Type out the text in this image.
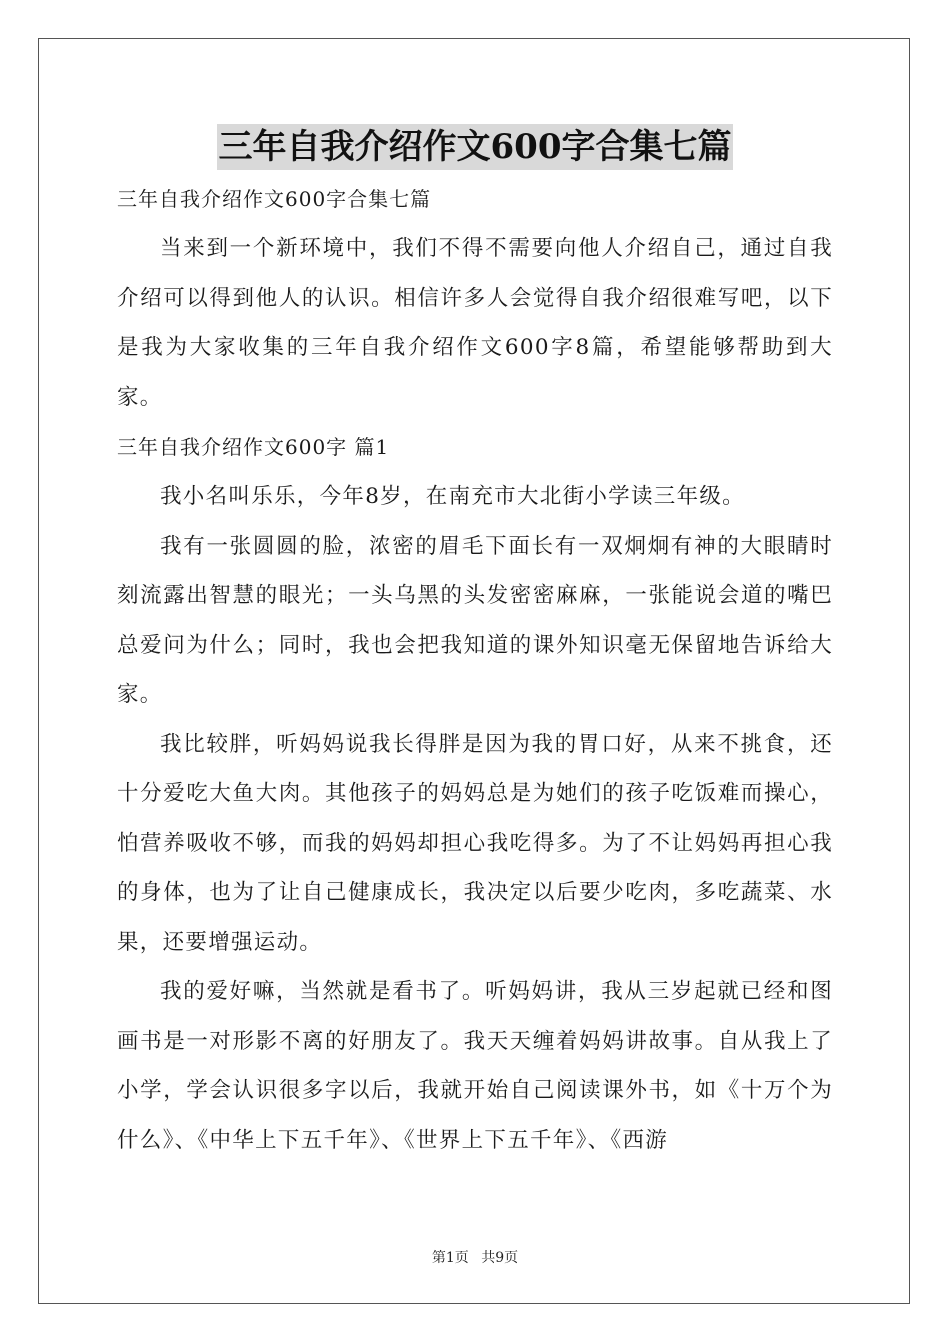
三年自我介绍作文600字合集七篇
三年自我介绍作文600字合集七篇

当来到一个新环境中，我们不得不需要向他人介绍自己，通过自我介绍可以得到他人的认识。相信许多人会觉得自我介绍很难写吧，以下是我为大家收集的三年自我介绍作文600字8篇，希望能够帮助到大家。

三年自我介绍作文600字 篇1

我小名叫乐乐，今年8岁，在南充市大北街小学读三年级。

我有一张圆圆的脸，浓密的眉毛下面长有一双炯炯有神的大眼睛时刻流露出智慧的眼光；一头乌黑的头发密密麻麻，一张能说会道的嘴巴总爱问为什么；同时，我也会把我知道的课外知识毫无保留地告诉给大家。

我比较胖，听妈妈说我长得胖是因为我的胃口好，从来不挑食，还十分爱吃大鱼大肉。其他孩子的妈妈总是为她们的孩子吃饭难而操心，怕营养吸收不够，而我的妈妈却担心我吃得多。为了不让妈妈再担心我的身体，也为了让自己健康成长，我决定以后要少吃肉，多吃蔬菜、水果，还要增强运动。

我的爱好嘛，当然就是看书了。听妈妈讲，我从三岁起就已经和图画书是一对形影不离的好朋友了。我天天缠着妈妈讲故事。自从我上了小学，学会认识很多字以后，我就开始自己阅读课外书，如《十万个为什么》、《中华上下五千年》、《世界上下五千年》、《西游

第1页 共9页
